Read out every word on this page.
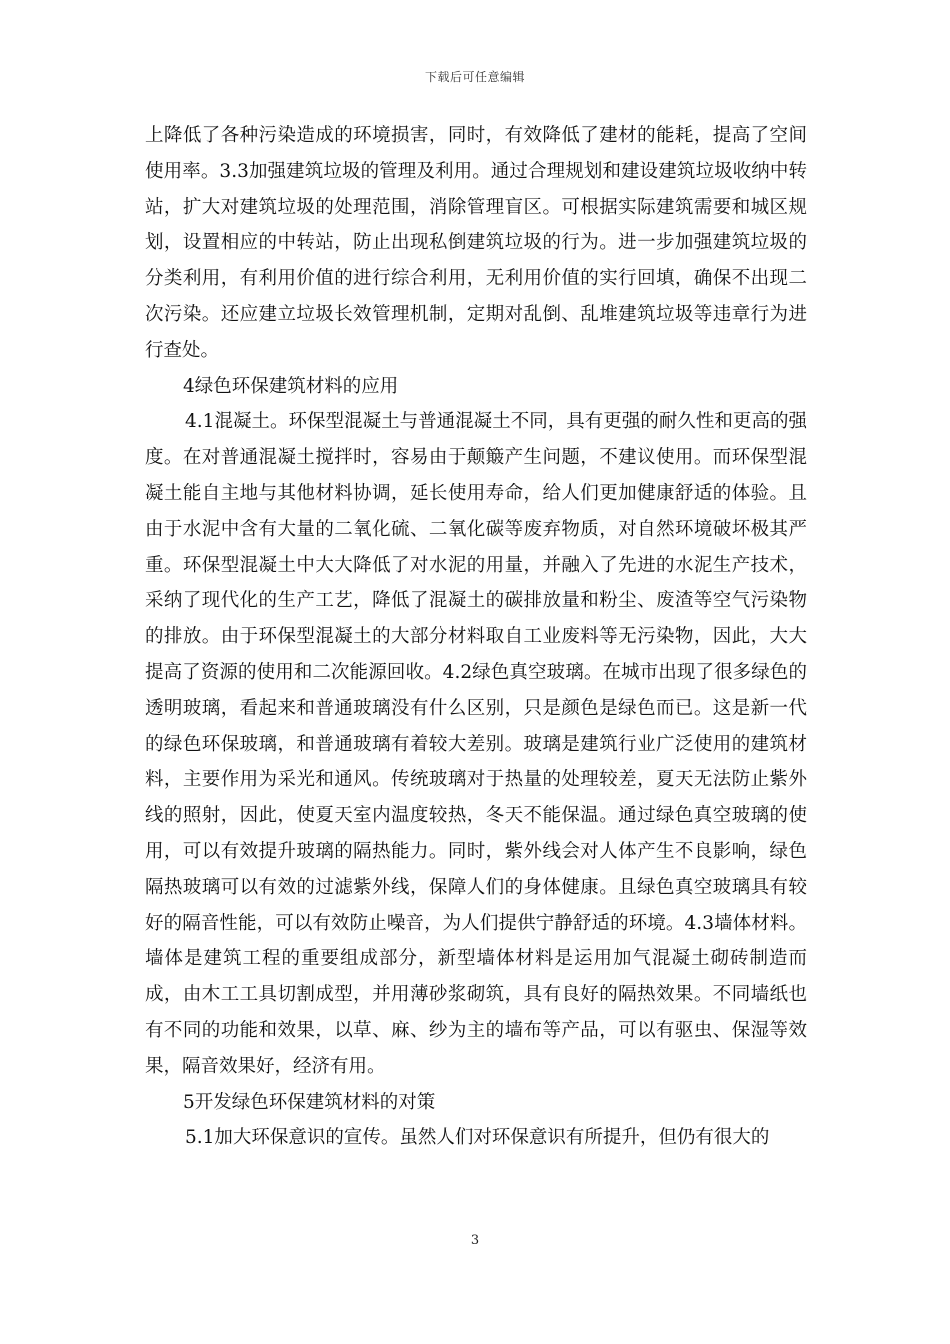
下载后可任意编辑

上降低了各种污染造成的环境损害，同时，有效降低了建材的能耗，提高了空间使用率。3.3加强建筑垃圾的管理及利用。通过合理规划和建设建筑垃圾收纳中转站，扩大对建筑垃圾的处理范围，消除管理盲区。可根据实际建筑需要和城区规划，设置相应的中转站，防止出现私倒建筑垃圾的行为。进一步加强建筑垃圾的分类利用，有利用价值的进行综合利用，无利用价值的实行回填，确保不出现二次污染。还应建立垃圾长效管理机制，定期对乱倒、乱堆建筑垃圾等违章行为进行查处。

4绿色环保建筑材料的应用

4.1混凝土。环保型混凝土与普通混凝土不同，具有更强的耐久性和更高的强度。在对普通混凝土搅拌时，容易由于颠簸产生问题，不建议使用。而环保型混凝土能自主地与其他材料协调，延长使用寿命，给人们更加健康舒适的体验。且由于水泥中含有大量的二氧化硫、二氧化碳等废弃物质，对自然环境破坏极其严重。环保型混凝土中大大降低了对水泥的用量，并融入了先进的水泥生产技术，采纳了现代化的生产工艺，降低了混凝土的碳排放量和粉尘、废渣等空气污染物的排放。由于环保型混凝土的大部分材料取自工业废料等无污染物，因此，大大提高了资源的使用和二次能源回收。4.2绿色真空玻璃。在城市出现了很多绿色的透明玻璃，看起来和普通玻璃没有什么区别，只是颜色是绿色而已。这是新一代的绿色环保玻璃，和普通玻璃有着较大差别。玻璃是建筑行业广泛使用的建筑材料，主要作用为采光和通风。传统玻璃对于热量的处理较差，夏天无法防止紫外线的照射，因此，使夏天室内温度较热，冬天不能保温。通过绿色真空玻璃的使用，可以有效提升玻璃的隔热能力。同时，紫外线会对人体产生不良影响，绿色隔热玻璃可以有效的过滤紫外线，保障人们的身体健康。且绿色真空玻璃具有较好的隔音性能，可以有效防止噪音，为人们提供宁静舒适的环境。4.3墙体材料。墙体是建筑工程的重要组成部分，新型墙体材料是运用加气混凝土砌砖制造而成，由木工工具切割成型，并用薄砂浆砌筑，具有良好的隔热效果。不同墙纸也有不同的功能和效果，以草、麻、纱为主的墙布等产品，可以有驱虫、保湿等效果，隔音效果好，经济有用。

5开发绿色环保建筑材料的对策

5.1加大环保意识的宣传。虽然人们对环保意识有所提升，但仍有很大的

3
